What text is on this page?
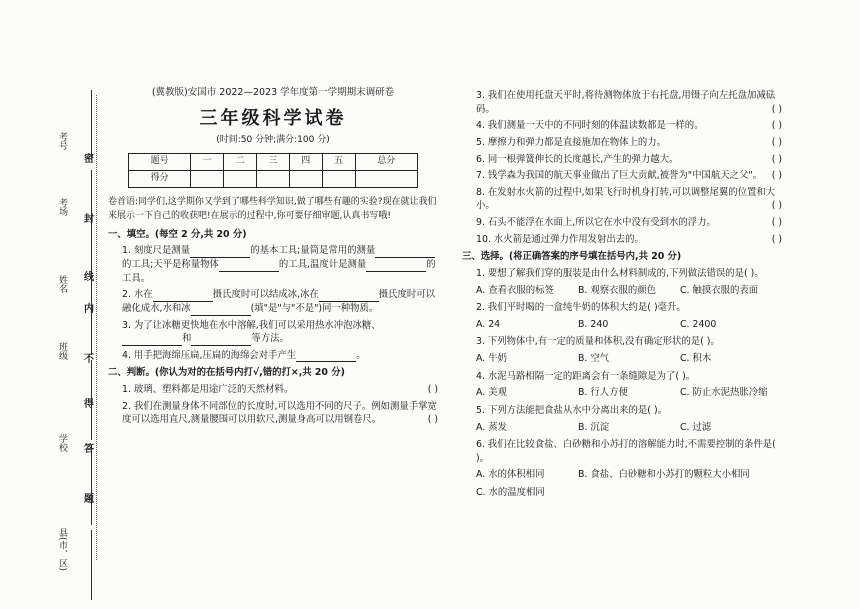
考号
考场
姓名
班级
学校
县(市、区)
密
封
线
内
不
得
答
题
(冀教版)安国市 2022—2023 学年度第一学期期末调研卷
三年级科学试卷
(时间:50 分钟;满分:100 分)
题号	一	二	三	四	五	总分
得分						
卷首语:同学们,这学期你又学到了哪些科学知识,做了哪些有趣的实验?现在就让我们来展示一下自己的收获吧!在展示的过程中,你可要仔细审题,认真书写哦!
一、填空。(每空 2 分,共 20 分)
1. 刻度尺是测量	的基本工具;量筒是常用的测量的工具;天平是称量物体	的工具,温度计是测量	的工具。
2. 水在	摄氏度时可以结成冰,冰在	摄氏度时可以融化成水,水和冰	(填"是"与"不是")同一种物质。
3. 为了让冰糖更快地在水中溶解,我们可以采用热水冲泡冰糖、和	等方法。
4. 用手把海绵压扁,压扁的海绵会对手产生	。
二、判断。(你认为对的在括号内打√,错的打×,共 20 分)
1. 玻璃、塑料都是用途广泛的天然材料。	( )
2. 我们在测量身体不同部位的长度时,可以选用不同的尺子。例如测量手掌宽度可以选用直尺,测量腰围可以用软尺,测量身高可以用钢卷尺。	( )
3. 我们在使用托盘天平时,将待测物体放于右托盘,用镊子向左托盘加减砝码。	( )
4. 我们测量一天中的不同时刻的体温读数都是一样的。	( )
5. 摩擦力和弹力都是直接施加在物体上的力。	( )
6. 同一根弹簧伸长的长度越长,产生的弹力越大。	( )
7. 钱学森为我国的航天事业做出了巨大贡献,被誉为"中国航天之父"。 ( )
8. 在发射水火箭的过程中,如果飞行时机身打转,可以调整尾翼的位置和大小。	( )
9. 石头不能浮在水面上,所以它在水中没有受到水的浮力。	( )
10. 水火箭是通过弹力作用发射出去的。	( )
三、选择。(将正确答案的序号填在括号内,共 20 分)
1. 要想了解我们穿的服装是由什么材料制成的,下列做法错误的是( )。
A. 查看衣服的标签	B. 观察衣服的颜色	C. 触摸衣服的表面
2. 我们平时喝的一盒纯牛奶的体积大约是( )毫升。
A. 24	B. 240	C. 2400
3. 下列物体中,有一定的质量和体积,没有确定形状的是( )。
A. 牛奶	B. 空气	C. 积木
4. 水泥马路相隔一定的距离会有一条缝隙是为了( )。
A. 美观	B. 行人方便	C. 防止水泥热胀冷缩
5. 下列方法能把食盐从水中分离出来的是( )。
A. 蒸发	B. 沉淀	C. 过滤
6. 我们在比较食盐、白砂糖和小苏打的溶解能力时,不需要控制的条件是( )。
A. 水的体积相同	B. 食盐、白砂糖和小苏打的颗粒大小相同
C. 水的温度相同
